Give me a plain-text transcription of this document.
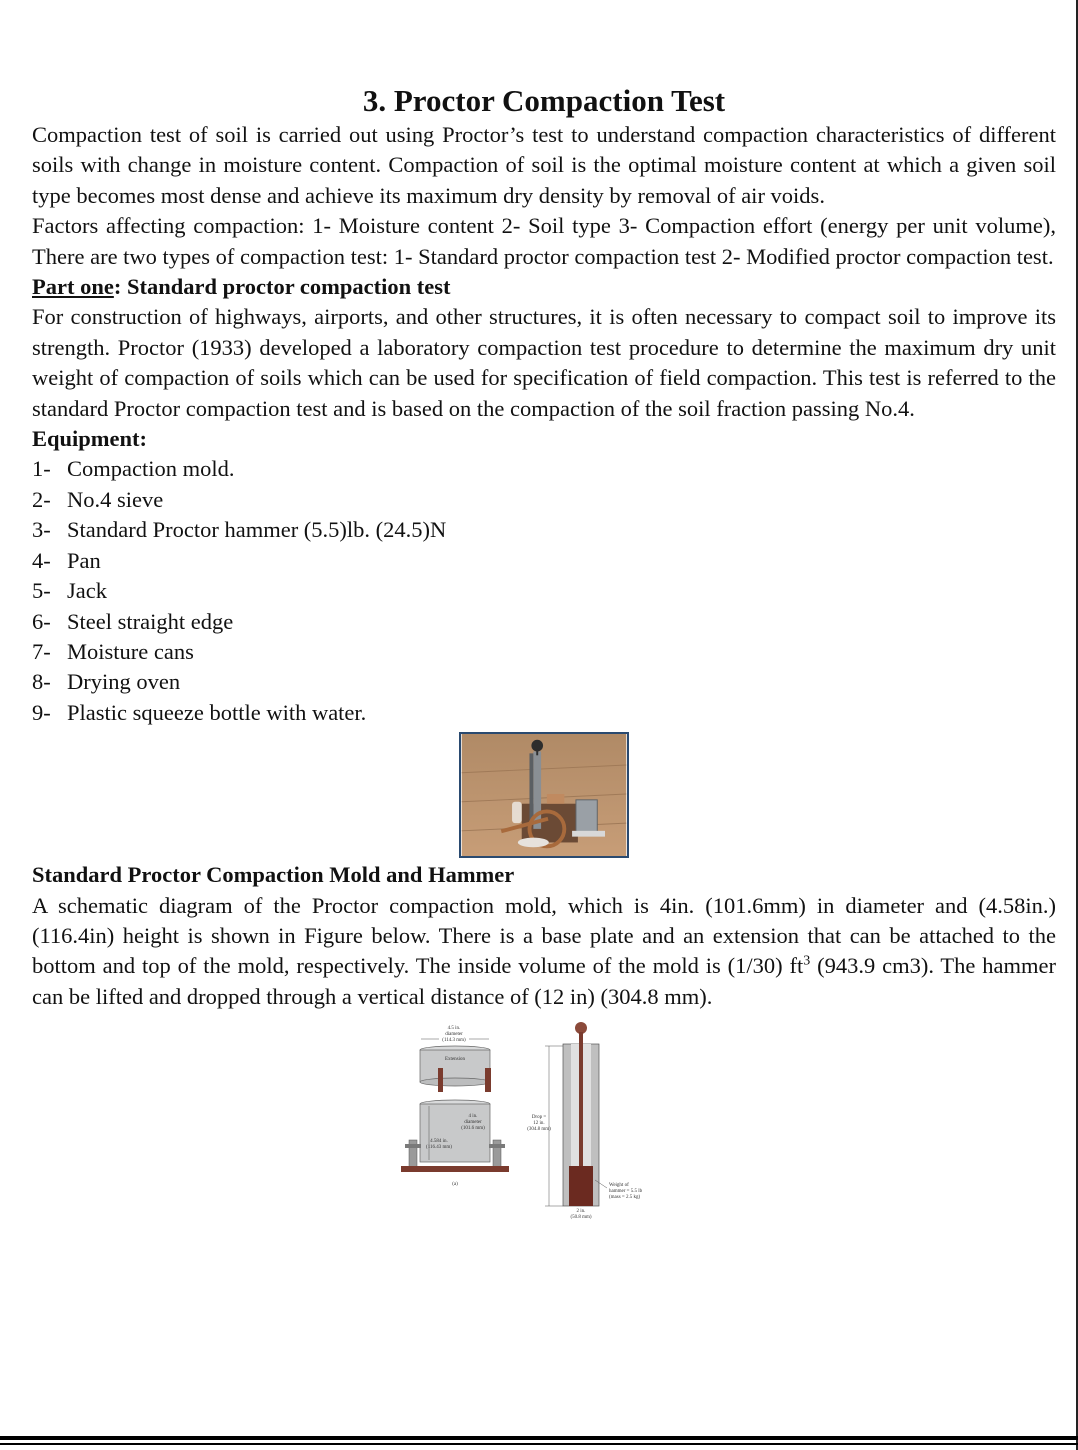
3. Proctor Compaction Test

Compaction test of soil is carried out using Proctor’s test to understand compaction characteristics of different soils with change in moisture content. Compaction of soil is the optimal moisture content at which a given soil type becomes most dense and achieve its maximum dry density by removal of air voids.

Factors affecting compaction: 1- Moisture content 2- Soil type 3- Compaction effort (energy per unit volume), There are two types of compaction test: 1- Standard proctor compaction test 2- Modified proctor compaction test.

Part one: Standard proctor compaction test

For construction of highways, airports, and other structures, it is often necessary to compact soil to improve its strength. Proctor (1933) developed a laboratory compaction test procedure to determine the maximum dry unit weight of compaction of soils which can be used for specification of field compaction. This test is referred to the standard Proctor compaction test and is based on the compaction of the soil fraction passing No.4.

Equipment:
1- Compaction mold.
2- No.4 sieve
3- Standard Proctor hammer (5.5)lb. (24.5)N
4- Pan
5- Jack
6- Steel straight edge
7- Moisture cans
8- Drying oven
9- Plastic squeeze bottle with water.
Standard Proctor Compaction Mold and Hammer

A schematic diagram of the Proctor compaction mold, which is 4in. (101.6mm) in diameter and (4.58in.) (116.4in) height is shown in Figure below. There is a base plate and an extension that can be attached to the bottom and top of the mold, respectively. The inside volume of the mold is (1/30) $ft^3$ (943.9 cm3). The hammer can be lifted and dropped through a vertical distance of (12 in) (304.8 mm).

4.5 in.
diameter
(114.3 mm)
Extension
4 in.
diameter
(101.6 mm)
4.584 in.
(116.43 mm)
(a)
Drop =
12 in.
(304.8 mm)
Weight of
hammer = 5.5 lb
(mass = 2.5 kg)
2 in.
(50.8 mm)
